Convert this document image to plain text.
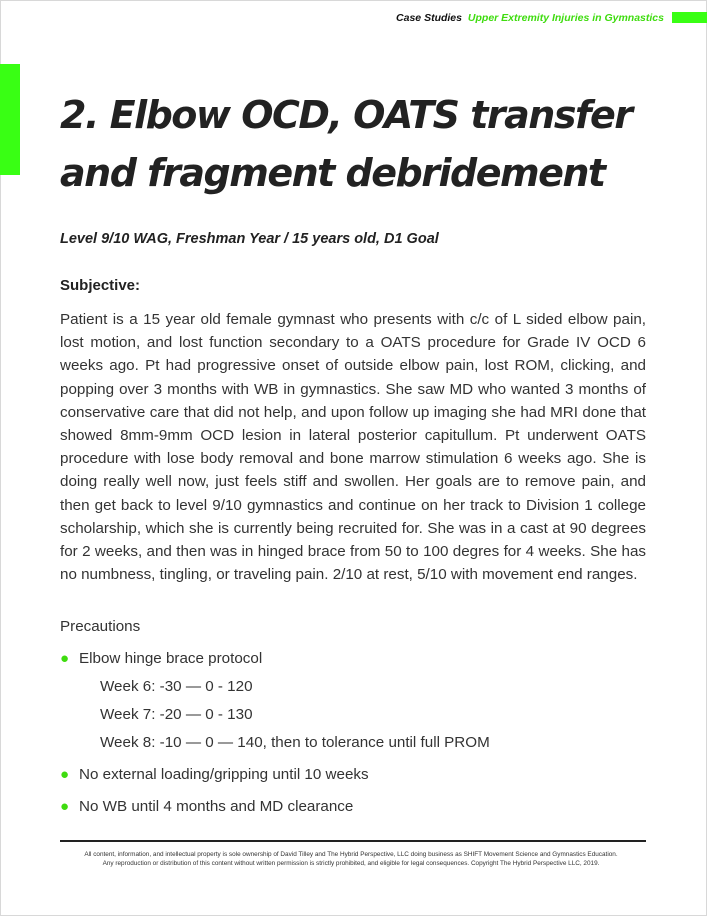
Case Studies Upper Extremity Injuries in Gymnastics
2. Elbow OCD, OATS transfer
and fragment debridement
Level 9/10 WAG, Freshman Year / 15 years old, D1 Goal
Subjective:

Patient is a 15 year old female gymnast who presents with c/c of L sided elbow pain, lost motion, and lost function secondary to a OATS procedure for Grade IV OCD 6 weeks ago. Pt had progressive onset of outside elbow pain, lost ROM, clicking, and popping over 3 months with WB in gymnastics. She saw MD who wanted 3 months of conservative care that did not help, and upon follow up imaging she had MRI done that showed 8mm-9mm OCD lesion in lateral posterior capitullum. Pt underwent OATS procedure with lose body removal and bone marrow stimulation 6 weeks ago. She is doing really well now, just feels stiff and swollen. Her goals are to remove pain, and then get back to level 9/10 gymnastics and continue on her track to Division 1 college scholarship, which she is currently being recruited for. She was in a cast at 90 degrees for 2 weeks, and then was in hinged brace from 50 to 100 degres for 4 weeks. She has no numbness, tingling, or traveling pain. 2/10 at rest, 5/10 with movement end ranges.

Precautions
● Elbow hinge brace protocol
Week 6: -30 — 0 - 120
Week 7: -20 — 0 - 130
Week 8: -10 — 0 — 140, then to tolerance until full PROM
● No external loading/gripping until 10 weeks
● No WB until 4 months and MD clearance
All content, information, and intellectual property is sole ownership of David Tilley and The Hybrid Perspective, LLC doing business as SHIFT Movement Science and Gymnastics Education.
Any reproduction or distribution of this content without written permission is strictly prohibited, and eligible for legal consequences. Copyright The Hybrid Perspective LLC, 2019.
